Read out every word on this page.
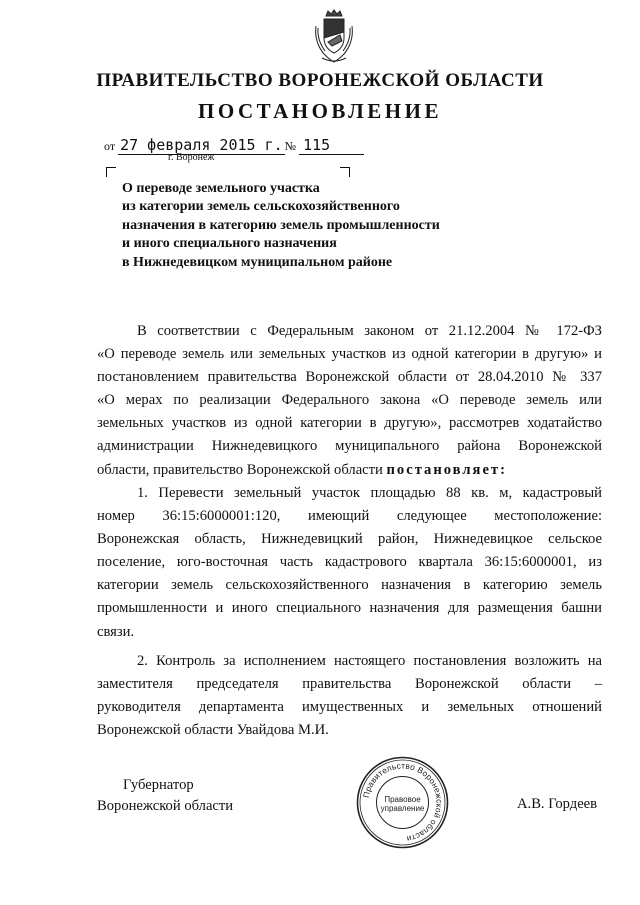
ПРАВИТЕЛЬСТВО ВОРОНЕЖСКОЙ ОБЛАСТИ
ПОСТАНОВЛЕНИЕ
от 27 февраля 2015 г. № 115
г. Воронеж
О переводе земельного участка
из категории земель сельскохозяйственного
назначения в категорию земель промышленности
и иного специального назначения
в Нижнедевицком муниципальном районе
В соответствии с Федеральным законом от 21.12.2004 № 172-ФЗ
«О переводе земель или земельных участков из одной категории в другую» и
постановлением правительства Воронежской области от 28.04.2010 № 337
«О мерах по реализации Федерального закона «О переводе земель или
земельных участков из одной категории в другую», рассмотрев ходатайство
администрации Нижнедевицкого муниципального района Воронежской
области, правительство Воронежской области постановляет:
1. Перевести земельный участок площадью 88 кв. м, кадастровый
номер 36:15:6000001:120, имеющий следующее местоположение:
Воронежская область, Нижнедевицкий район, Нижнедевицкое сельское
поселение, юго-восточная часть кадастрового квартала 36:15:6000001, из
категории земель сельскохозяйственного назначения в категорию земель
промышленности и иного специального назначения для размещения башни
связи.
2. Контроль за исполнением настоящего постановления возложить на
заместителя председателя правительства Воронежской области –
руководителя департамента имущественных и земельных отношений
Воронежской области Увайдова М.И.
Губернатор
Воронежской области	А.В. Гордеев
Правительство Воронежской области
Правовое
управление
